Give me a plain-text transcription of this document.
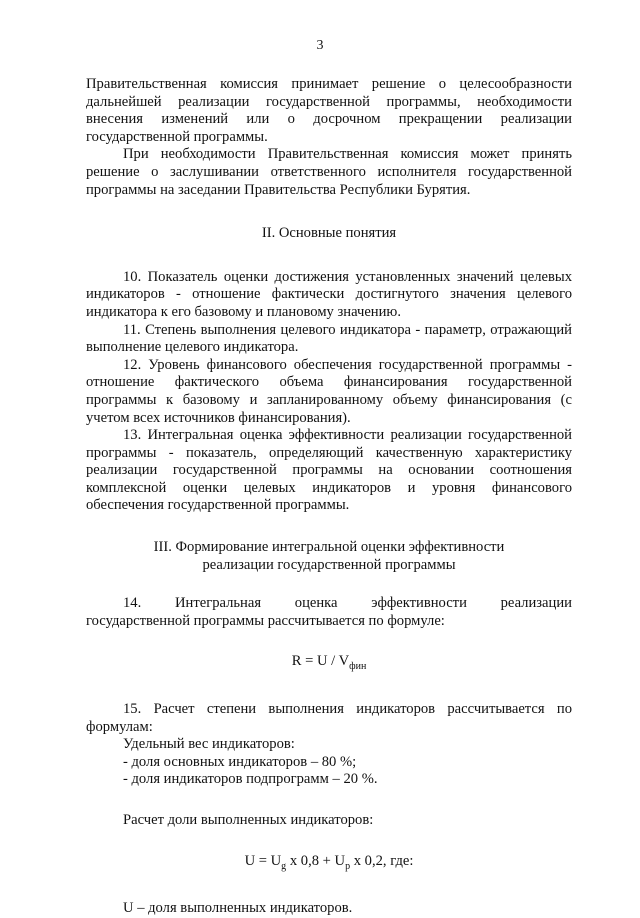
3

Правительственная комиссия принимает решение о целесообразности дальнейшей реализации государственной программы, необходимости внесения изменений или о досрочном прекращении реализации государственной программы.

При необходимости Правительственная комиссия может принять решение о заслушивании ответственного исполнителя государственной программы на заседании Правительства Республики Бурятия.

II. Основные понятия

10. Показатель оценки достижения установленных значений целевых индикаторов - отношение фактически достигнутого значения целевого индикатора к его базовому и плановому значению.

11. Степень выполнения целевого индикатора - параметр, отражающий выполнение целевого индикатора.

12. Уровень финансового обеспечения государственной программы - отношение фактического объема финансирования государственной программы к базовому и запланированному объему финансирования (с учетом всех источников финансирования).

13. Интегральная оценка эффективности реализации государственной программы - показатель, определяющий качественную характеристику реализации государственной программы на основании соотношения комплексной оценки целевых индикаторов и уровня финансового обеспечения государственной программы.

III. Формирование интегральной оценки эффективности

реализации государственной программы

14. Интегральная оценка эффективности реализации

государственной программы рассчитывается по формуле:

$R = U / V_{фин}$

15. Расчет степени выполнения индикаторов рассчитывается по формулам:

Удельный вес индикаторов:

- доля основных индикаторов – 80 %;

- доля индикаторов подпрограмм – 20 %.

Расчет доли выполненных индикаторов:

$U = U_g$ x $0,8 + U_p$ x 0,2, где:

U – доля выполненных индикаторов.
